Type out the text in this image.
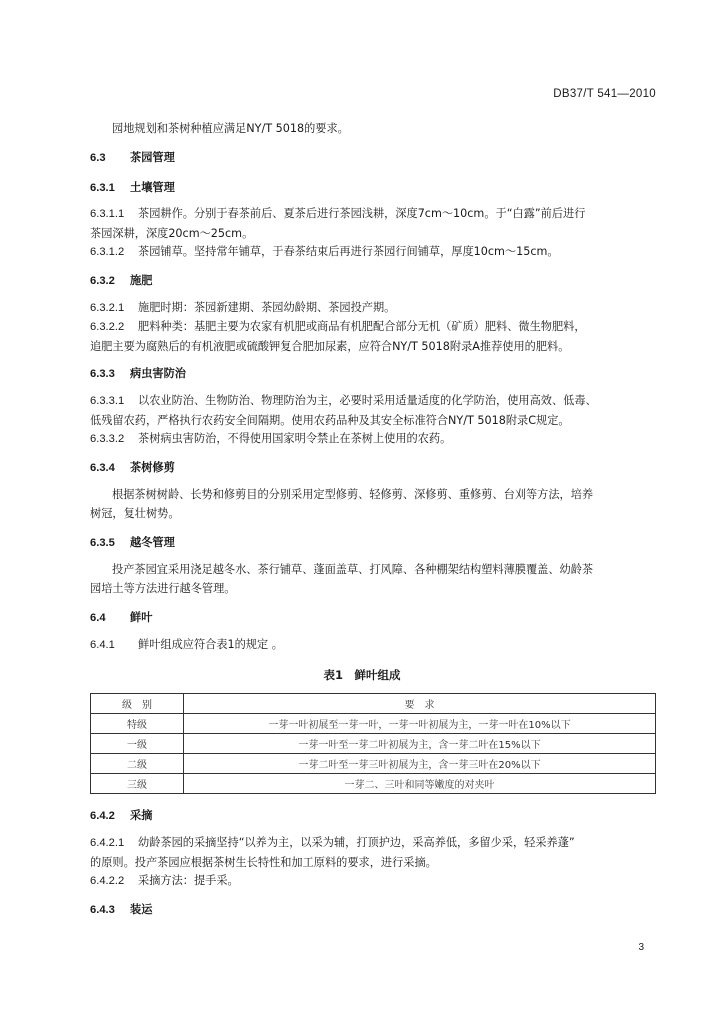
DB37/T 541—2010
园地规划和茶树种植应满足NY/T 5018的要求。
6.3 茶园管理
6.3.1 土壤管理
6.3.1.1 茶园耕作。分别于春茶前后、夏茶后进行茶园浅耕，深度7cm～10cm。于“白露”前后进行
茶园深耕，深度20cm～25cm。
6.3.1.2 茶园铺草。坚持常年铺草，于春茶结束后再进行茶园行间铺草，厚度10cm～15cm。
6.3.2 施肥
6.3.2.1 施肥时期：茶园新建期、茶园幼龄期、茶园投产期。
6.3.2.2 肥料种类：基肥主要为农家有机肥或商品有机肥配合部分无机（矿质）肥料、微生物肥料，
追肥主要为腐熟后的有机液肥或硫酸钾复合肥加尿素，应符合NY/T 5018附录A推荐使用的肥料。
6.3.3 病虫害防治
6.3.3.1 以农业防治、生物防治、物理防治为主，必要时采用适量适度的化学防治，使用高效、低毒、
低残留农药，严格执行农药安全间隔期。使用农药品种及其安全标准符合NY/T 5018附录C规定。
6.3.3.2 茶树病虫害防治，不得使用国家明令禁止在茶树上使用的农药。
6.3.4 茶树修剪
根据茶树树龄、长势和修剪目的分别采用定型修剪、轻修剪、深修剪、重修剪、台刈等方法，培养
树冠，复壮树势。
6.3.5 越冬管理
投产茶园宜采用浇足越冬水、茶行铺草、蓬面盖草、打风障、各种棚架结构塑料薄膜覆盖、幼龄茶
园培土等方法进行越冬管理。
6.4 鲜叶
6.4.1 鲜叶组成应符合表1的规定 。
表1　鲜叶组成
级　别	要　求
特级	一芽一叶初展至一芽一叶，一芽一叶初展为主，一芽一叶在10%以下
一级	一芽一叶至一芽二叶初展为主，含一芽二叶在15%以下
二级	一芽二叶至一芽三叶初展为主，含一芽三叶在20%以下
三级	一芽二、三叶和同等嫩度的对夹叶
6.4.2 采摘
6.4.2.1 幼龄茶园的采摘坚持“以养为主，以采为辅，打顶护边，采高养低，多留少采，轻采养蓬”
的原则。投产茶园应根据茶树生长特性和加工原料的要求，进行采摘。
6.4.2.2 采摘方法：提手采。
6.4.3 装运
3
